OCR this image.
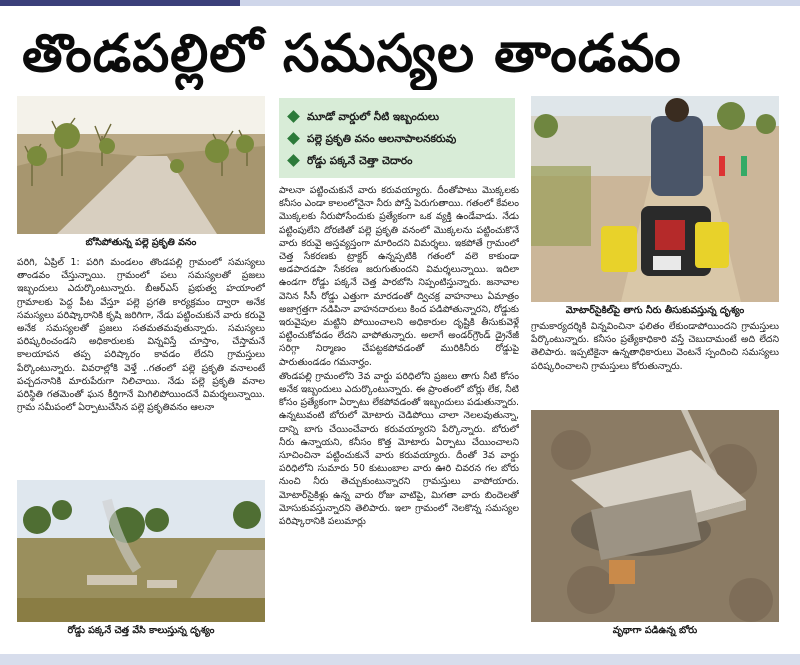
తొండపల్లిలో సమస్యల తాండవం
బోసిపోతున్న పల్లె ప్రకృతి వనం

పరిగి, ఏప్రిల్ 1: పరిగి మండలం తొండపల్లి గ్రామంలో సమస్యలు తాండవం చేస్తున్నాయి. గ్రామంలో పలు సమస్యలతో ప్రజలు ఇబ్బందులు ఎదుర్కొంటున్నారు. బీఆర్ఎస్ ప్రభుత్వ హయాంలో గ్రామాలకు పెద్ద పీట వేస్తూ పల్లె ప్రగతి కార్యక్రమం ద్వారా అనేక సమస్యలు పరిష్కారానికి కృషి జరిగిగా, నేడు పట్టించుకునే వారు కరువై అనేక సమస్యలతో ప్రజలు సతమతమవుతున్నారు. సమస్యలు పరిష్కరించండని అధికారులకు విన్నవిస్తే చూస్తాం, చేస్తామనే కాలయాపన తప్ప పరిష్కారం కావడం లేదని గ్రామస్తులు పేర్కొంటున్నారు. వివరాల్లోకి వెళ్తే ..గతంలో పల్లె ప్రకృతి వనాలంటే పచ్చదనానికి మారుపేరుగా నిలిచాయి. నేడు పల్లె ప్రకృతి వనాల పరిస్థితి గతమెంతో ఘన కీర్తిగానే మిగిలిపోయిందనే విమర్శలున్నాయి. గ్రామ సమీపంలో ఏర్పాటుచేసిన పల్లె ప్రకృతివనం ఆలనా

రోడ్డు పక్కనే చెత్త వేసి కాలుస్తున్న దృశ్యం
మూడో వార్డులో నీటి ఇబ్బందులు
పల్లె ప్రకృతి వనం ఆలనాపాలనకరువు
రోడ్డు పక్కనే చెత్తా చెదారం

పాలనా పట్టించుకునే వారు కరువయ్యారు. దీంతోపాటు మొక్కలకు కనీసం ఎండా కాలంలోనైనా నీరు పోస్తే పెరుగుతాయి. గతంలో కేవలం మొక్కలకు నీరుపోసేందుకు ప్రత్యేకంగా ఒక వ్యక్తి ఉండేవాడు. నేడు పట్టింపులేని దోరణితో పల్లె ప్రకృతి వనంలో మొక్కలను పట్టించుకొనే వారు కరువై అస్తవ్యస్తంగా మారిందని విమర్శలు. ఇకపోతే గ్రామంలో చెత్త సేకరణకు ట్రాక్టర్ ఉన్నప్పటికి గతంలో వలె కాకుండా అడపాదడపా సేకరణ జరుగుతుందని విమర్శలున్నాయి. ఇదిలా ఉండగా రోడ్డు పక్కనే చెత్త పారబోసి నిప్పంటిస్తున్నారు. జనావాల వెనిన సీసీ రోడ్డు ఎత్తుగా మారడంతో ద్విచక్ర వాహనాలు ఏమాత్రం అజాగ్రత్తగా నడిపినా వాహనదారులు కింద పడిపోతున్నారని, రోడ్డుకు ఇరువైపుల మట్టిని పోయించాలని అధికారుల దృష్టికి తీసుకువెళ్లే పట్టించుకోవడం లేదని వాపోతున్నారు. అలాగే అండర్‌గ్రౌండ్ డ్రైనేజీ సరిగ్గా నిర్మాణం చేపట్టకపోవడంతో మురికినీరు రోడ్డుపై పారుతుండడం గమనార్హం.

తొండపల్లి గ్రామంలోని 3వ వార్డు పరిధిలోని ప్రజలు తాగు నీటి కోసం అనేక ఇబ్బందులు ఎదుర్కొంటున్నారు. ఈ ప్రాంతంలో బోర్లు లేక, నీటి కోసం ప్రత్యేకంగా ఏర్పాటు లేకపోవడంతో ఇబ్బందులు పడుతున్నారు. ఉన్నటువంటి బోరులో మోటారు చెడిపోయి చాలా నెలలవుతున్నా, దాన్ని బాగు చేయించేవారు కరువయ్యారని పేర్కొన్నారు. బోరులో నీరు ఉన్నాయని, కనీసం కొత్త మోటారు ఏర్పాటు చేయించాలని సూచించినా పట్టించుకునే వారు కరువయ్యారు. దీంతో 3వ వార్డు పరిధిలోని సుమారు 50 కుటుంబాల వారు ఊరి చివరన గల బోరు నుంచి నీరు తెచ్చుకుంటున్నారని గ్రామస్తులు వాపోయారు. మోటార్‌సైకిళ్లు ఉన్న వారు రోజు వాటిపై, మిగతా వారు బిందెలతో మోసుకువస్తున్నారని తెలిపారు. ఇలా గ్రామంలో నెలకొన్న సమస్యల పరిష్కారానికి పలుమార్లు

మోటార్‌సైకిల్‌పై తాగు నీరు తీసుకువస్తున్న దృశ్యం

గ్రామకార్యదర్శికి విన్నవించినా ఫలితం లేకుండాపోయిందని గ్రామస్తులు పేర్కొంటున్నారు. కనీసం ప్రత్యేకాధికారి వస్తే చెబుదామంటే అది లేదని తెలిపారు. ఇప్పటికైనా ఉన్నతాధికారులు వెంటనే స్పందించి సమస్యలు పరిష్కరించాలని గ్రామస్తులు కోరుతున్నారు.

వృథాగా పడిఉన్న బోరు
